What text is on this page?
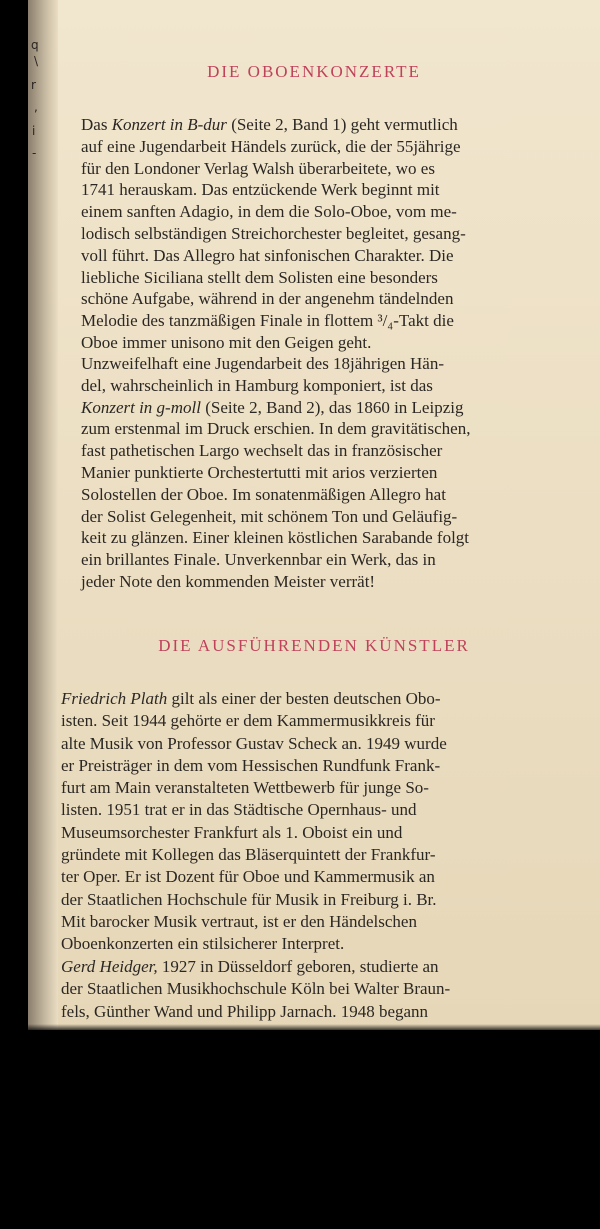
q
\
r
,
i
-
DIE OBOENKONZERTE
Das Konzert in B-dur (Seite 2, Band 1) geht vermutlich
auf eine Jugendarbeit Händels zurück, die der 55jährige
für den Londoner Verlag Walsh überarbeitete, wo es
1741 herauskam. Das entzückende Werk beginnt mit
einem sanften Adagio, in dem die Solo-Oboe, vom me-
lodisch selbständigen Streichorchester begleitet, gesang-
voll führt. Das Allegro hat sinfonischen Charakter. Die
liebliche Siciliana stellt dem Solisten eine besonders
schöne Aufgabe, während in der angenehm tändelnden
Melodie des tanzmäßigen Finale in flottem ³/₄-Takt die
Oboe immer unisono mit den Geigen geht.
Unzweifelhaft eine Jugendarbeit des 18jährigen Hän-
del, wahrscheinlich in Hamburg komponiert, ist das
Konzert in g-moll (Seite 2, Band 2), das 1860 in Leipzig
zum erstenmal im Druck erschien. In dem gravitätischen,
fast pathetischen Largo wechselt das in französischer
Manier punktierte Orchestertutti mit arios verzierten
Solostellen der Oboe. Im sonatenmäßigen Allegro hat
der Solist Gelegenheit, mit schönem Ton und Geläufig-
keit zu glänzen. Einer kleinen köstlichen Sarabande folgt
ein brillantes Finale. Unverkennbar ein Werk, das in
jeder Note den kommenden Meister verrät!
DIE AUSFÜHRENDEN KÜNSTLER
Friedrich Plath gilt als einer der besten deutschen Obo-
isten. Seit 1944 gehörte er dem Kammermusikkreis für
alte Musik von Professor Gustav Scheck an. 1949 wurde
er Preisträger in dem vom Hessischen Rundfunk Frank-
furt am Main veranstalteten Wettbewerb für junge So-
listen. 1951 trat er in das Städtische Opernhaus- und
Museumsorchester Frankfurt als 1. Oboist ein und
gründete mit Kollegen das Bläserquintett der Frankfur-
ter Oper. Er ist Dozent für Oboe und Kammermusik an
der Staatlichen Hochschule für Musik in Freiburg i. Br.
Mit barocker Musik vertraut, ist er den Händelschen
Oboenkonzerten ein stilsicherer Interpret.
Gerd Heidger, 1927 in Düsseldorf geboren, studierte an
der Staatlichen Musikhochschule Köln bei Walter Braun-
fels, Günther Wand und Philipp Jarnach. 1948 begann
